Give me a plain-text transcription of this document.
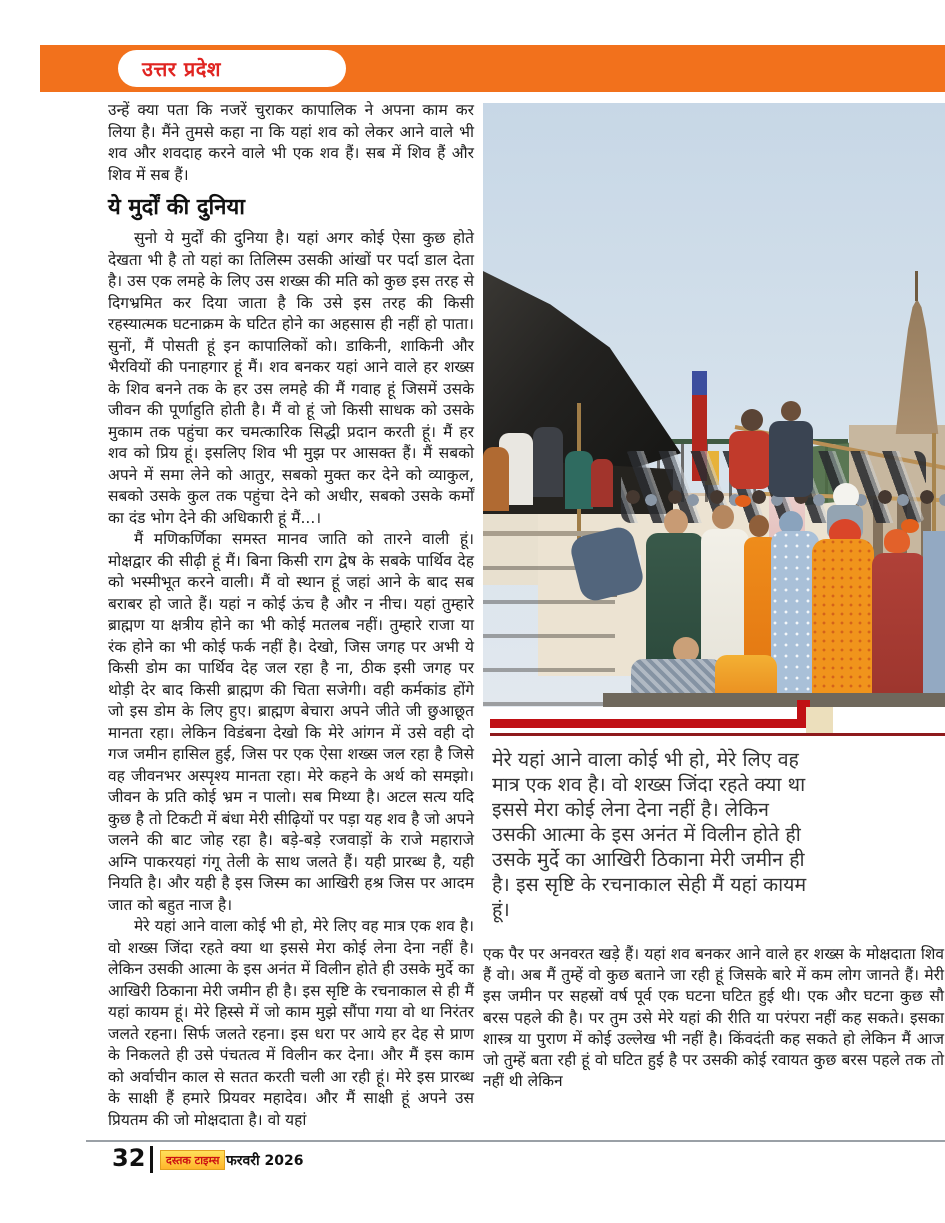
उत्तर प्रदेश

उन्हें क्या पता कि नजरें चुराकर कापालिक ने अपना काम कर लिया है। मैंने तुमसे कहा ना कि यहां शव को लेकर आने वाले भी शव और शवदाह करने वाले भी एक शव हैं। सब में शिव हैं और शिव में सब हैं।

ये मुर्दों की दुनिया

सुनो ये मुर्दों की दुनिया है। यहां अगर कोई ऐसा कुछ होते देखता भी है तो यहां का तिलिस्म उसकी आंखों पर पर्दा डाल देता है। उस एक लमहे के लिए उस शख्स की मति को कुछ इस तरह से दिगभ्रमित कर दिया जाता है कि उसे इस तरह की किसी रहस्यात्मक घटनाक्रम के घटित होने का अहसास ही नहीं हो पाता। सुनों, मैं पोसती हूं इन कापालिकों को। डाकिनी, शाकिनी और भैरवियों की पनाहगार हूं मैं। शव बनकर यहां आने वाले हर शख्स के शिव बनने तक के हर उस लमहे की मैं गवाह हूं जिसमें उसके जीवन की पूर्णाहुति होती है। मैं वो हूं जो किसी साधक को उसके मुकाम तक पहुंचा कर चमत्कारिक सिद्धी प्रदान करती हूं। मैं हर शव को प्रिय हूं। इसलिए शिव भी मुझ पर आसक्त हैं। मैं सबको अपने में समा लेने को आतुर, सबको मुक्त कर देने को व्याकुल, सबको उसके कुल तक पहुंचा देने को अधीर, सबको उसके कर्मों का दंड भोग देने की अधिकारी हूं मैं...।

मैं मणिकर्णिका समस्त मानव जाति को तारने वाली हूं। मोक्षद्वार की सीढ़ी हूं मैं। बिना किसी राग द्वेष के सबके पार्थिव देह को भस्मीभूत करने वाली। मैं वो स्थान हूं जहां आने के बाद सब बराबर हो जाते हैं। यहां न कोई ऊंच है और न नीच। यहां तुम्हारे ब्राह्मण या क्षत्रीय होने का भी कोई मतलब नहीं। तुम्हारे राजा या रंक होने का भी कोई फर्क नहीं है। देखो, जिस जगह पर अभी ये किसी डोम का पार्थिव देह जल रहा है ना, ठीक इसी जगह पर थोड़ी देर बाद किसी ब्राह्मण की चिता सजेगी। वही कर्मकांड होंगे जो इस डोम के लिए हुए। ब्राह्मण बेचारा अपने जीते जी छुआछूत मानता रहा। लेकिन विडंबना देखो कि मेरे आंगन में उसे वही दो गज जमीन हासिल हुई, जिस पर एक ऐसा शख्स जल रहा है जिसे वह जीवनभर अस्पृश्य मानता रहा। मेरे कहने के अर्थ को समझो। जीवन के प्रति कोई भ्रम न पालो। सब मिथ्या है। अटल सत्य यदि कुछ है तो टिकटी में बंधा मेरी सीढ़ियों पर पड़ा यह शव है जो अपने जलने की बाट जोह रहा है। बड़े-बड़े रजवाड़ों के राजे महाराजे अग्नि पाकरयहां गंगू तेली के साथ जलते हैं। यही प्रारब्ध है, यही नियति है। और यही है इस जिस्म का आखिरी हश्र जिस पर आदम जात को बहुत नाज है।

मेरे यहां आने वाला कोई भी हो, मेरे लिए वह मात्र एक शव है। वो शख्स जिंदा रहते क्या था इससे मेरा कोई लेना देना नहीं है। लेकिन उसकी आत्मा के इस अनंत में विलीन होते ही उसके मुर्दे का आखिरी ठिकाना मेरी जमीन ही है। इस सृष्टि के रचनाकाल से ही मैं यहां कायम हूं। मेरे हिस्से में जो काम मुझे सौंपा गया वो था निरंतर जलते रहना। सिर्फ जलते रहना। इस धरा पर आये हर देह से प्राण के निकलते ही उसे पंचतत्व में विलीन कर देना। और मैं इस काम को अर्वाचीन काल से सतत करती चली आ रही हूं। मेरे इस प्रारब्ध के साक्षी हैं हमारे प्रियवर महादेव। और मैं साक्षी हूं अपने उस प्रियतम की जो मोक्षदाता है। वो यहां

मेरे यहां आने वाला कोई भी हो, मेरे लिए वह मात्र एक शव है। वो शख्स जिंदा रहते क्या था इससे मेरा कोई लेना देना नहीं है। लेकिन उसकी आत्मा के इस अनंत में विलीन होते ही उसके मुर्दे का आखिरी ठिकाना मेरी जमीन ही है। इस सृष्टि के रचनाकाल सेही मैं यहां कायम हूं।

एक पैर पर अनवरत खड़े हैं। यहां शव बनकर आने वाले हर शख्स के मोक्षदाता शिव हैं वो। अब मैं तुम्हें वो कुछ बताने जा रही हूं जिसके बारे में कम लोग जानते हैं। मेरी इस जमीन पर सहस्रों वर्ष पूर्व एक घटना घटित हुई थी। एक और घटना कुछ सौ बरस पहले की है। पर तुम उसे मेरे यहां की रीति या परंपरा नहीं कह सकते। इसका शास्त्र या पुराण में कोई उल्लेख भी नहीं है। किंवदंती कह सकते हो लेकिन मैं आज जो तुम्हें बता रही हूं वो घटित हुई है पर उसकी कोई रवायत कुछ बरस पहले तक तो नहीं थी लेकिन

32 दस्तक टाइम्स फरवरी 2026
